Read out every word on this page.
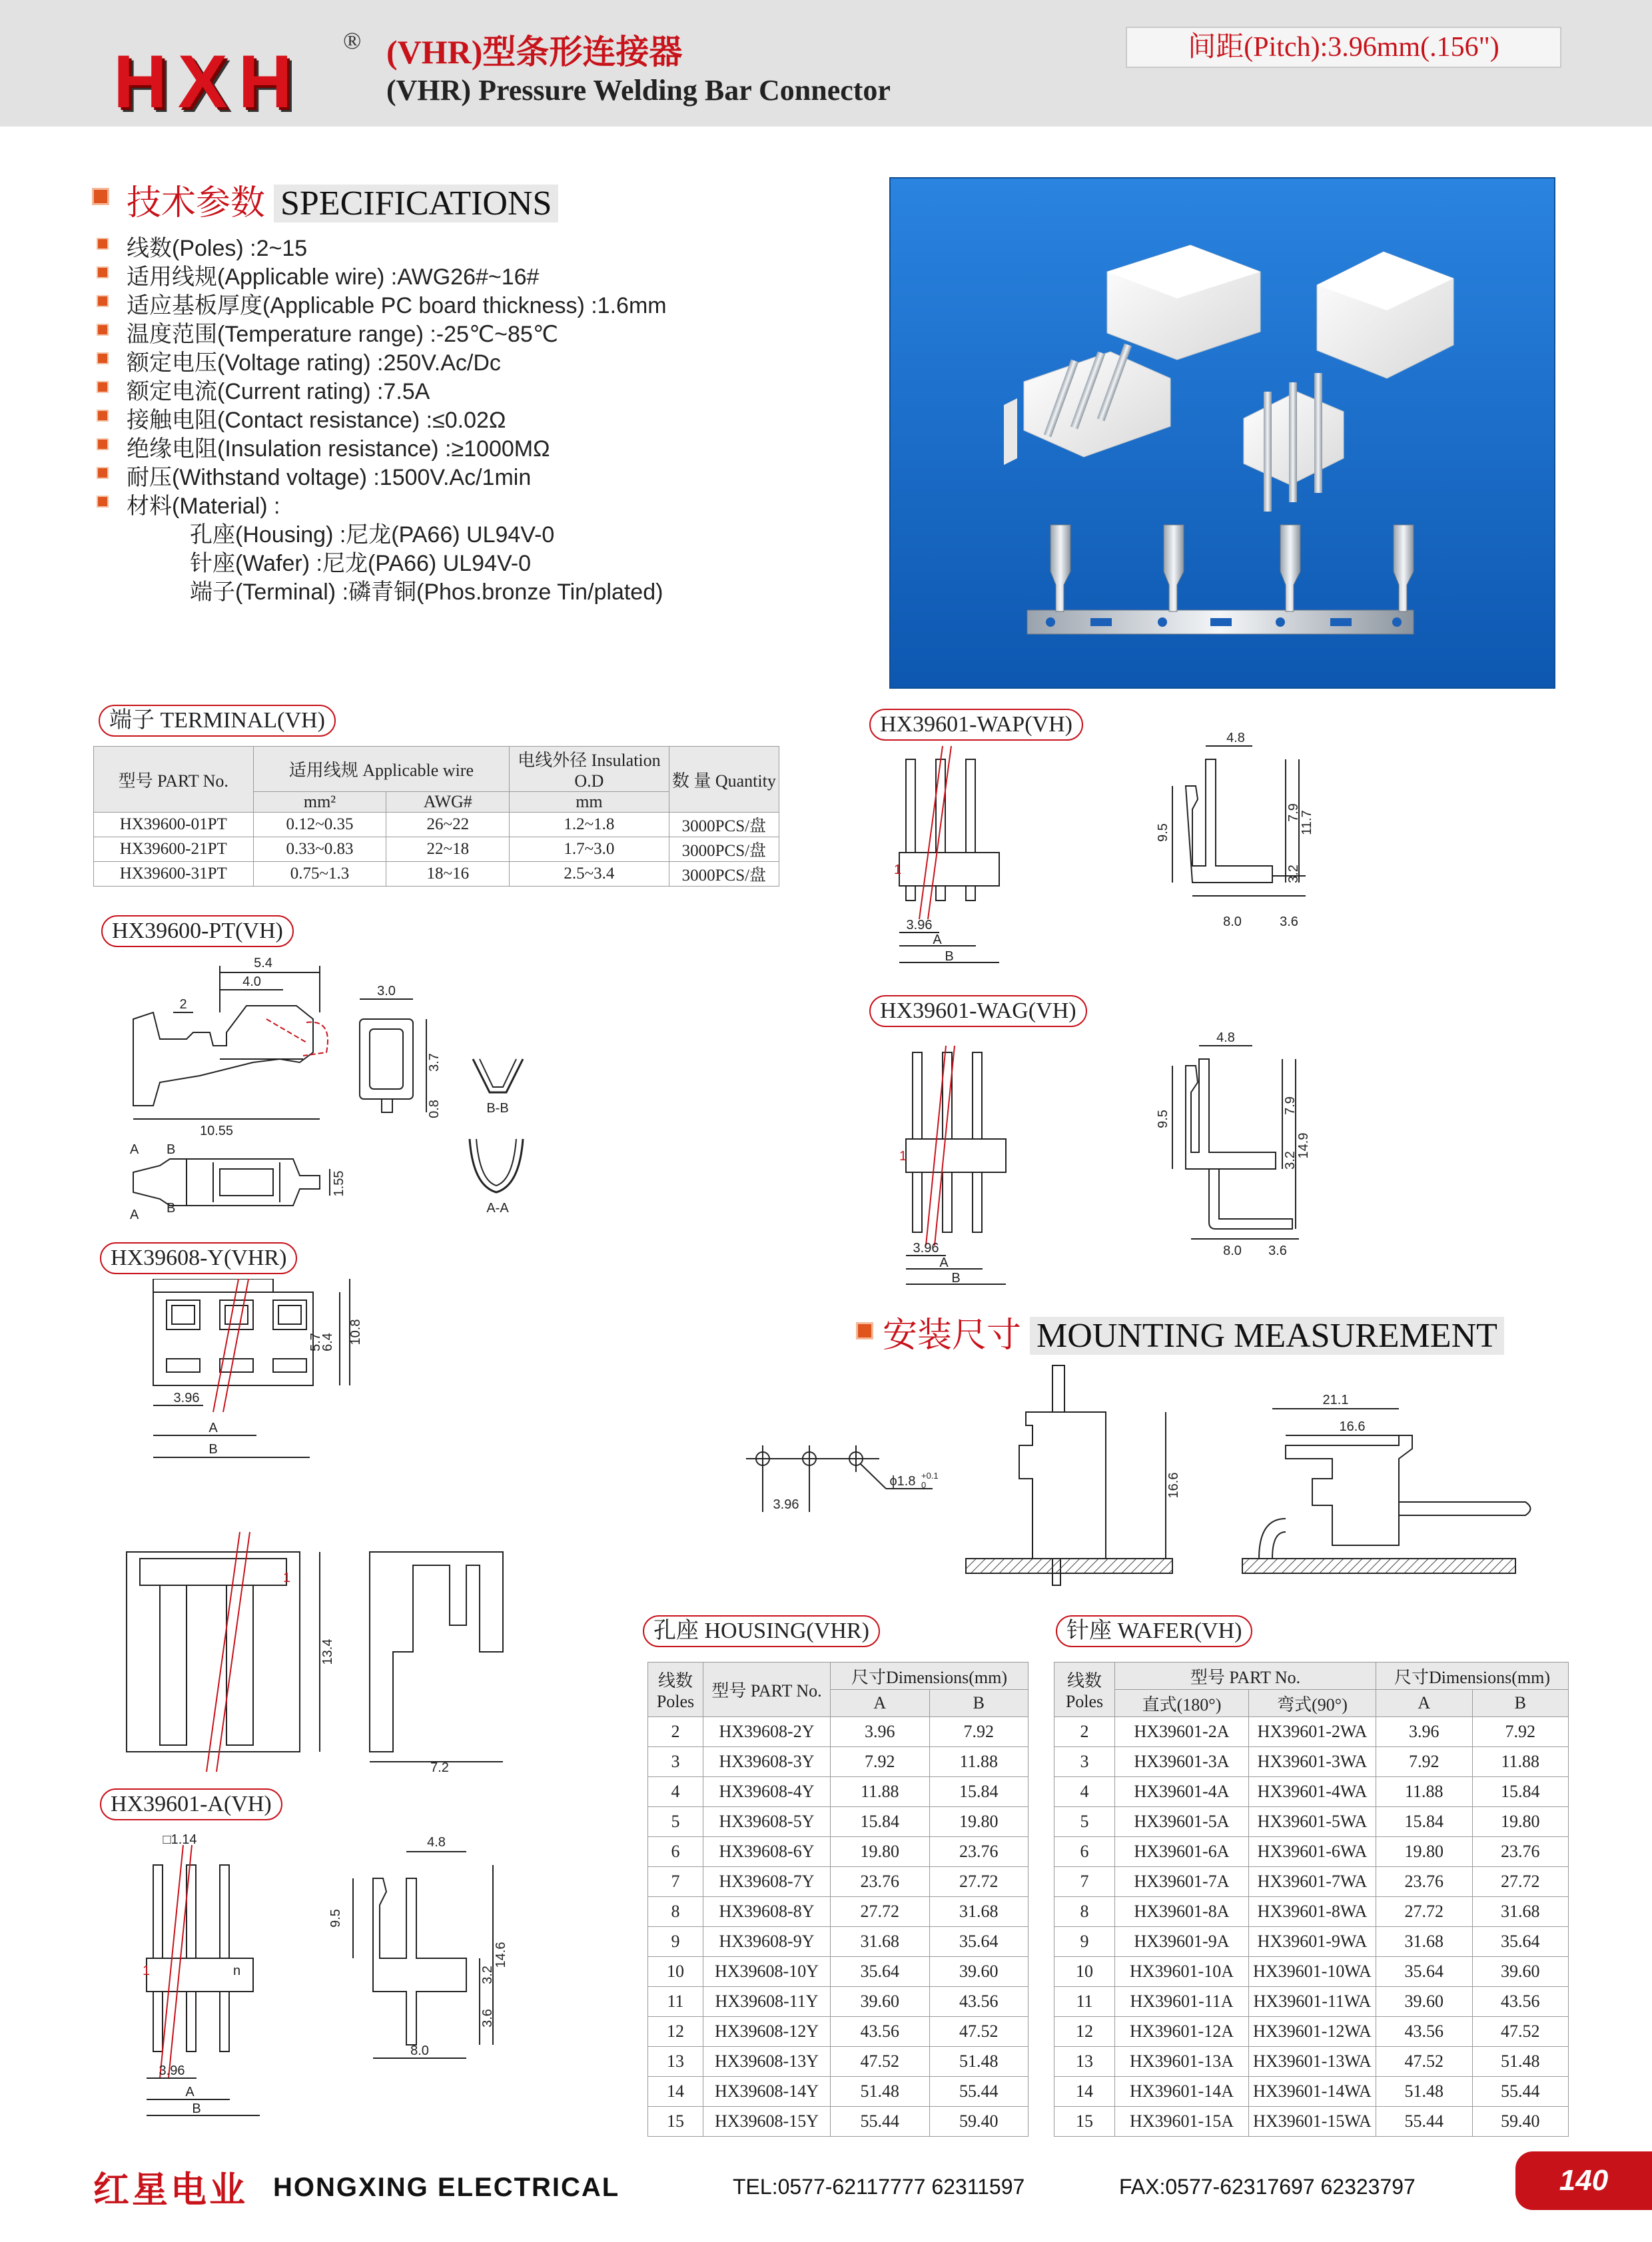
HXH ® (VHR)型条形连接器
(VHR) Pressure Welding Bar Connector
间距(Pitch):3.96mm(.156")
技术参数 SPECIFICATIONS
线数(Poles) :2~15
适用线规(Applicable wire) :AWG26#~16#
适应基板厚度(Applicable PC board thickness) :1.6mm
温度范围(Temperature range) :-25℃~85℃
额定电压(Voltage rating) :250V.Ac/Dc
额定电流(Current rating) :7.5A
接触电阻(Contact resistance) :≤0.02Ω
绝缘电阻(Insulation resistance) :≥1000MΩ
耐压(Withstand voltage) :1500V.Ac/1min
材料(Material) :
孔座(Housing) :尼龙(PA66) UL94V-0
针座(Wafer) :尼龙(PA66) UL94V-0
端子(Terminal) :磷青铜(Phos.bronze Tin/plated)
端子 TERMINAL(VH)
型号 PART No.	适用线规 Applicable wire		电线外径 Insulation O.D	数 量 Quantity
	mm²	AWG#	mm	
HX39600-01PT	0.12~0.35	26~22	1.2~1.8	3000PCS/盘
HX39600-21PT	0.33~0.83	22~18	1.7~3.0	3000PCS/盘
HX39600-31PT	0.75~1.3	18~16	2.5~3.4	3000PCS/盘
HX39600-PT(VH)
5.4
4.0
2
10.55
3.0
3.7
0.8
1.55
B-B
A-A
A B
A B
HX39608-Y(VHR)
5.7
6.4 10.8
3.96
A
B
13.4
7.2
1
HX39601-A(VH)
□1.14	4.8
9.5
3.2
14.6
3.6
3.96
A
B
8.0
1	n
HX39601-WAP(VH)
4.8
7.9
11.7
9.5
3.2
3.96
A
B
8.0	3.6
1
HX39601-WAG(VH)
4.8
7.9
9.5
3.2
14.9
3.96
A
B
8.0 3.6
1
安装尺寸 MOUNTING MEASUREMENT
3.96
ϕ1.8 +0.1
0	16.6
21.1
16.6
孔座 HOUSING(VHR)
线数 Poles	型号 PART No.	尺寸Dimensions(mm)	
		A	B
2	HX39608-2Y	3.96	7.92
3	HX39608-3Y	7.92	11.88
4	HX39608-4Y	11.88	15.84
5	HX39608-5Y	15.84	19.80
6	HX39608-6Y	19.80	23.76
7	HX39608-7Y	23.76	27.72
8	HX39608-8Y	27.72	31.68
9	HX39608-9Y	31.68	35.64
10	HX39608-10Y	35.64	39.60
11	HX39608-11Y	39.60	43.56
12	HX39608-12Y	43.56	47.52
13	HX39608-13Y	47.52	51.48
14	HX39608-14Y	51.48	55.44
15	HX39608-15Y	55.44	59.40
针座 WAFER(VH)
线数 Poles	型号 PART No.		尺寸Dimensions(mm)	
	直式(180°)	弯式(90°)	A	B
2	HX39601-2A	HX39601-2WA	3.96	7.92
3	HX39601-3A	HX39601-3WA	7.92	11.88
4	HX39601-4A	HX39601-4WA	11.88	15.84
5	HX39601-5A	HX39601-5WA	15.84	19.80
6	HX39601-6A	HX39601-6WA	19.80	23.76
7	HX39601-7A	HX39601-7WA	23.76	27.72
8	HX39601-8A	HX39601-8WA	27.72	31.68
9	HX39601-9A	HX39601-9WA	31.68	35.64
10	HX39601-10A	HX39601-10WA	35.64	39.60
11	HX39601-11A	HX39601-11WA	39.60	43.56
12	HX39601-12A	HX39601-12WA	43.56	47.52
13	HX39601-13A	HX39601-13WA	47.52	51.48
14	HX39601-14A	HX39601-14WA	51.48	55.44
15	HX39601-15A	HX39601-15WA	55.44	59.40
红星电业 HONGXING ELECTRICAL	TEL:0577-62117777 62311597	FAX:0577-62317697 62323797	140
